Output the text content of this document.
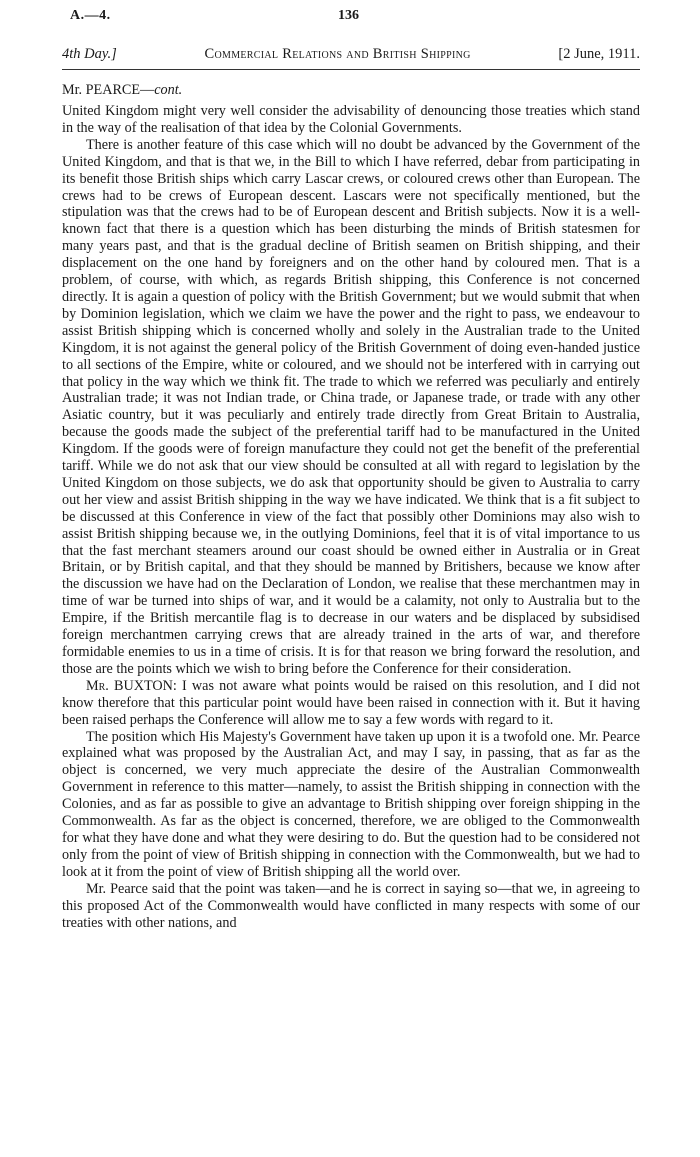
A.—4.	136
4th Day.]	Commercial Relations and British Shipping	[2 June, 1911.
Mr. PEARCE—cont.

United Kingdom might very well consider the advisability of denouncing those treaties which stand in the way of the realisation of that idea by the Colonial Governments.

There is another feature of this case which will no doubt be advanced by the Government of the United Kingdom, and that is that we, in the Bill to which I have referred, debar from participating in its benefit those British ships which carry Lascar crews, or coloured crews other than European. The crews had to be crews of European descent. Lascars were not specifically mentioned, but the stipulation was that the crews had to be of European descent and British subjects. Now it is a well-known fact that there is a question which has been disturbing the minds of British statesmen for many years past, and that is the gradual decline of British seamen on British shipping, and their displacement on the one hand by foreigners and on the other hand by coloured men. That is a problem, of course, with which, as regards British shipping, this Conference is not concerned directly. It is again a question of policy with the British Government; but we would submit that when by Dominion legislation, which we claim we have the power and the right to pass, we endeavour to assist British shipping which is concerned wholly and solely in the Australian trade to the United Kingdom, it is not against the general policy of the British Government of doing even-handed justice to all sections of the Empire, white or coloured, and we should not be interfered with in carrying out that policy in the way which we think fit. The trade to which we referred was peculiarly and entirely Australian trade; it was not Indian trade, or China trade, or Japanese trade, or trade with any other Asiatic country, but it was peculiarly and entirely trade directly from Great Britain to Australia, because the goods made the subject of the preferential tariff had to be manufactured in the United Kingdom. If the goods were of foreign manufacture they could not get the benefit of the preferential tariff. While we do not ask that our view should be consulted at all with regard to legislation by the United Kingdom on those subjects, we do ask that opportunity should be given to Australia to carry out her view and assist British shipping in the way we have indicated. We think that is a fit subject to be discussed at this Conference in view of the fact that possibly other Dominions may also wish to assist British shipping because we, in the outlying Dominions, feel that it is of vital importance to us that the fast merchant steamers around our coast should be owned either in Australia or in Great Britain, or by British capital, and that they should be manned by Britishers, because we know after the discussion we have had on the Declaration of London, we realise that these merchantmen may in time of war be turned into ships of war, and it would be a calamity, not only to Australia but to the Empire, if the British mercantile flag is to decrease in our waters and be displaced by subsidised foreign merchantmen carrying crews that are already trained in the arts of war, and therefore formidable enemies to us in a time of crisis. It is for that reason we bring forward the resolution, and those are the points which we wish to bring before the Conference for their consideration.

Mr. BUXTON: I was not aware what points would be raised on this resolution, and I did not know therefore that this particular point would have been raised in connection with it. But it having been raised perhaps the Conference will allow me to say a few words with regard to it.

The position which His Majesty's Government have taken up upon it is a twofold one. Mr. Pearce explained what was proposed by the Australian Act, and may I say, in passing, that as far as the object is concerned, we very much appreciate the desire of the Australian Commonwealth Government in reference to this matter—namely, to assist the British shipping in connection with the Colonies, and as far as possible to give an advantage to British shipping over foreign shipping in the Commonwealth. As far as the object is concerned, therefore, we are obliged to the Commonwealth for what they have done and what they were desiring to do. But the question had to be considered not only from the point of view of British shipping in connection with the Commonwealth, but we had to look at it from the point of view of British shipping all the world over.

Mr. Pearce said that the point was taken—and he is correct in saying so—that we, in agreeing to this proposed Act of the Commonwealth would have conflicted in many respects with some of our treaties with other nations, and
